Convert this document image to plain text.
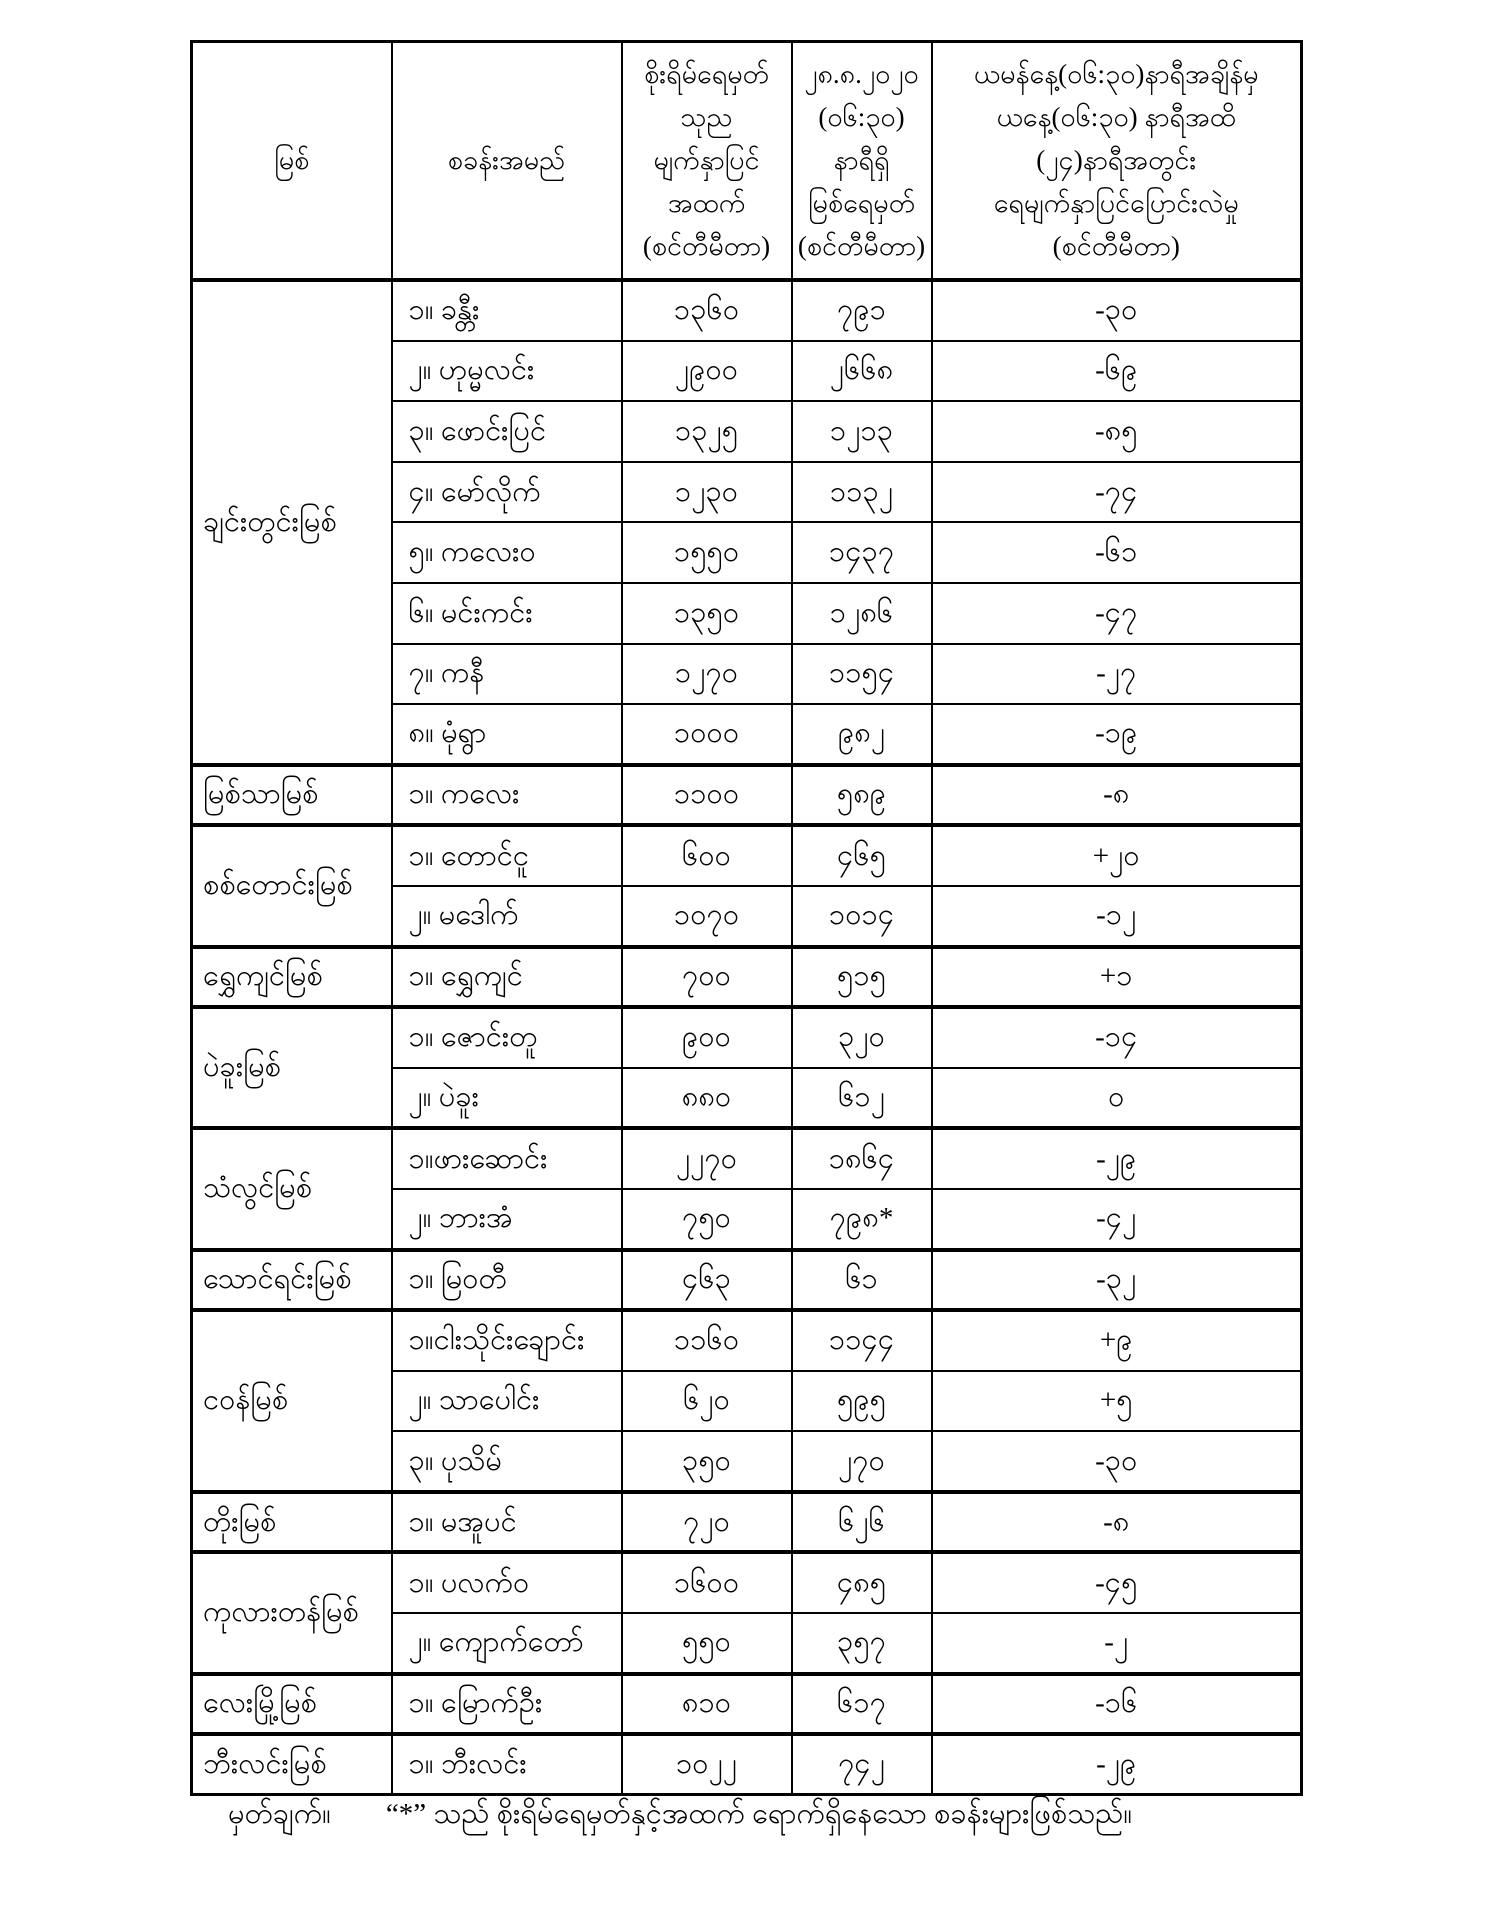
မြစ်	စခန်းအမည်	စိုးရိမ်ရေမှတ်
သုည
မျက်နှာပြင်
အထက်
(စင်တီမီတာ)	၂၈.၈.၂၀၂၀
(၀၆:၃၀)
နာရီရှိ
မြစ်ရေမှတ်
(စင်တီမီတာ)	ယမန်နေ့(၀၆:၃၀)နာရီအချိန်မှ
ယနေ့(၀၆:၃၀) နာရီအထိ
(၂၄)နာရီအတွင်း
ရေမျက်နှာပြင်ပြောင်းလဲမှု
(စင်တီမီတာ)

ချင်းတွင်းမြစ်	၁။ ခန္တီး	၁၃၆၀	၇၉၁	-၃၀
	၂။ ဟုမ္မလင်း	၂၉၀၀	၂၆၆၈	-၆၉
	၃။ ဖောင်းပြင်	၁၃၂၅	၁၂၁၃	-၈၅
	၄။ မော်လိုက်	၁၂၃၀	၁၁၃၂	-၇၄
	၅။ ကလေးဝ	၁၅၅၀	၁၄၃၇	-၆၁
	၆။ မင်းကင်း	၁၃၅၀	၁၂၈၆	-၄၇
	၇။ ကနီ	၁၂၇၀	၁၁၅၄	-၂၇
	၈။ မုံရွာ	၁၀၀၀	၉၈၂	-၁၉
မြစ်သာမြစ်	၁။ ကလေး	၁၁၀၀	၅၈၉	-၈
စစ်တောင်းမြစ်	၁။ တောင်ငူ	၆၀၀	၄၆၅	+၂၀
	၂။ မဒေါက်	၁၀၇၀	၁၀၁၄	-၁၂
ရွှေကျင်မြစ်	၁။ ရွှေကျင်	၇၀၀	၅၁၅	+၁
ပဲခူးမြစ်	၁။ ဇောင်းတူ	၉၀၀	၃၂၀	-၁၄
	၂။ ပဲခူး	၈၈၀	၆၁၂	၀
သံလွင်မြစ်	၁။ဖားဆောင်း	၂၂၇၀	၁၈၆၄	-၂၉
	၂။ ဘားအံ	၇၅၀	၇၉၈*	-၄၂
သောင်ရင်းမြစ်	၁။ မြဝတီ	၄၆၃	၆၁	-၃၂
ငဝန်မြစ်	၁။ငါးသိုင်းချောင်း	၁၁၆၀	၁၁၄၄	+၉
	၂။ သာပေါင်း	၆၂၀	၅၉၅	+၅
	၃။ ပုသိမ်	၃၅၀	၂၇၀	-၃၀
တိုးမြစ်	၁။ မအူပင်	၇၂၀	၆၂၆	-၈
ကုလားတန်မြစ်	၁။ ပလက်ဝ	၁၆၀၀	၄၈၅	-၄၅
	၂။ ကျောက်တော်	၅၅၀	၃၅၇	-၂
လေးမြို့မြစ်	၁။ မြောက်ဦး	၈၁၀	၆၁၇	-၁၆
ဘီးလင်းမြစ်	၁။ ဘီးလင်း	၁၀၂၂	၇၄၂	-၂၉
မှတ်ချက်။ “*” သည် စိုးရိမ်ရေမှတ်နှင့်အထက် ရောက်ရှိနေသော စခန်းများဖြစ်သည်။
